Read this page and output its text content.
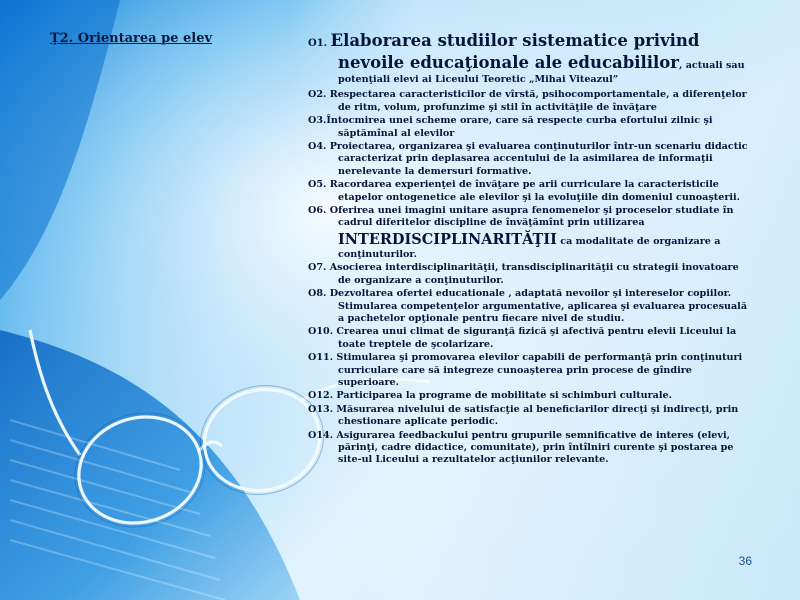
Ţ2. Orientarea pe elev	O1. Elaborarea studiilor sistematice privind nevoile educaţionale ale educabililor, actuali sau potenţiali elevi ai Liceului Teoretic „Mihai Viteazul”
O2. Respectarea caracteristicilor de vîrstă, psihocomportamentale, a diferenţelor de ritm, volum, profunzime şi stil în activităţile de învăţare
O3.Întocmirea unei scheme orare, care să respecte curba efortului zilnic şi săptămînal al elevilor
O4. Proiectarea, organizarea şi evaluarea conţinuturilor într-un scenariu didactic caracterizat prin deplasarea accentului de la asimilarea de informaţii nerelevante la demersuri formative.
O5. Racordarea experienţei de învăţare pe arii curriculare la caracteristicile etapelor ontogenetice ale elevilor şi la evoluţiile din domeniul cunoaşterii.
O6. Oferirea unei imagini unitare asupra fenomenelor şi proceselor studiate în cadrul diferitelor discipline de învăţămînt prin utilizarea INTERDISCIPLINARITĂŢII ca modalitate de organizare a conţinuturilor.
O7. Asocierea interdisciplinarităţii, transdisciplinarităţii cu strategii inovatoare de organizare a conţinuturilor.
O8. Dezvoltarea ofertei educationale , adaptată nevoilor şi intereselor copiilor. Stimularea competenţelor argumentative, aplicarea şi evaluarea procesuală a pachetelor opţionale pentru fiecare nivel de studiu.
O10. Crearea unui climat de siguranţă fizică şi afectivă pentru elevii Liceului la toate treptele de şcolarizare.
O11. Stimularea şi promovarea elevilor capabili de performanţă prin conţinuturi curriculare care să integreze cunoaşterea prin procese de gîndire superioare.
O12. Participarea la programe de mobilitate si schimburi culturale.
O13. Măsurarea nivelului de satisfacţie al beneficiarilor direcţi şi indirecţi, prin chestionare aplicate periodic.
O14. Asigurarea feedbackului pentru grupurile semnificative de interes (elevi, părinţi, cadre didactice, comunitate), prin întîlniri curente şi postarea pe site-ul Liceului a rezultatelor acţiunilor relevante.
36
